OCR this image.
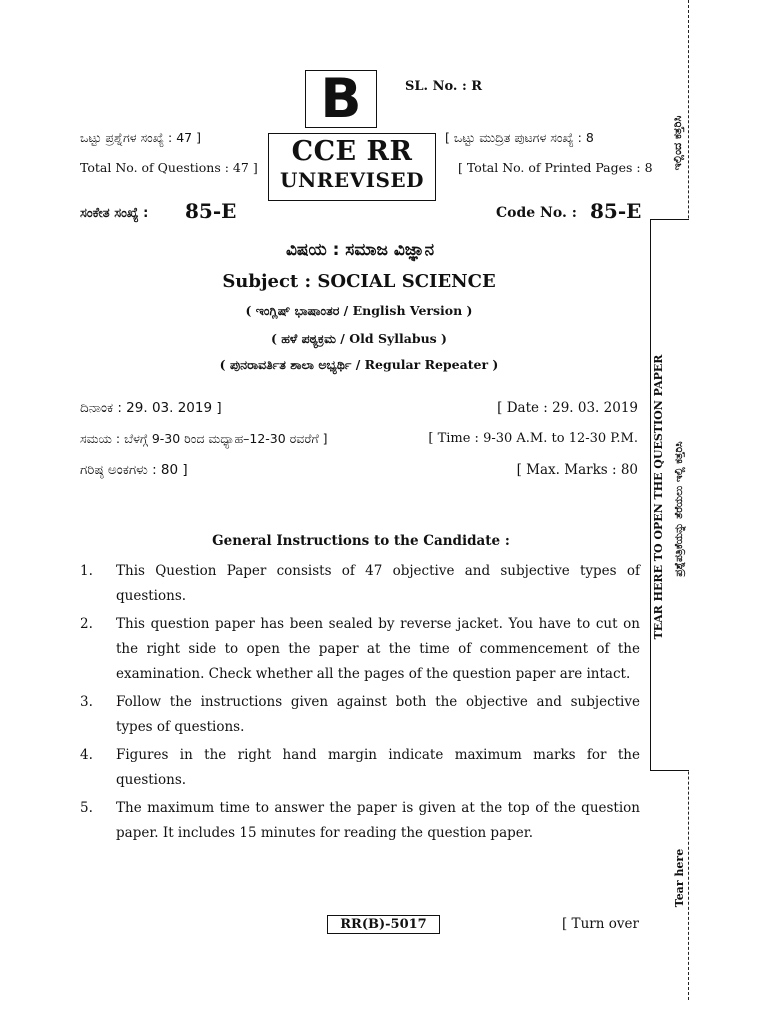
B	SL. No. : R
CCE RR
UNREVISED
ಒಟ್ಟು ಪ್ರಶ್ನೆಗಳ ಸಂಖ್ಯೆ : 47 ]
Total No. of Questions : 47 ]
[ ಒಟ್ಟು ಮುದ್ರಿತ ಪುಟಗಳ ಸಂಖ್ಯೆ : 8
[ Total No. of Printed Pages : 8
ಸಂಕೇತ ಸಂಖ್ಯೆ : 85-E	Code No. : 85-E
ವಿಷಯ : ಸಮಾಜ ವಿಜ್ಞಾನ
Subject : SOCIAL SCIENCE
( ಇಂಗ್ಲಿಷ್ ಭಾಷಾಂತರ / English Version )
( ಹಳೆ ಪಠ್ಯಕ್ರಮ / Old Syllabus )
( ಪುನರಾವರ್ತಿತ ಶಾಲಾ ಅಭ್ಯರ್ಥಿ / Regular Repeater )
ದಿನಾಂಕ : 29. 03. 2019 ]	[ Date : 29. 03. 2019
ಸಮಯ : ಬೆಳಗ್ಗೆ 9-30 ರಿಂದ ಮಧ್ಯಾಹ–12-30 ರವರೆಗೆ ]	[ Time : 9-30 A.M. to 12-30 P.M.
ಗರಿಷ್ಠ ಅಂಕಗಳು : 80 ]	[ Max. Marks : 80
General Instructions to the Candidate :
1. This Question Paper consists of 47 objective and subjective types of questions.
2. This question paper has been sealed by reverse jacket. You have to cut on the right side to open the paper at the time of commencement of the examination. Check whether all the pages of the question paper are intact.
3. Follow the instructions given against both the objective and subjective types of questions.
4. Figures in the right hand margin indicate maximum marks for the questions.
5. The maximum time to answer the paper is given at the top of the question paper. It includes 15 minutes for reading the question paper.
RR(B)-5017	[ Turn over
ಇಲ್ಲಿಂದ ಕತ್ತರಿಸಿ
TEAR HERE TO OPEN THE QUESTION PAPER ಪ್ರಶ್ನೆಪತ್ರಿಕೆಯನ್ನು ತೆರೆಯಲು ಇಲ್ಲಿ ಕತ್ತರಿಸಿ
Tear here
